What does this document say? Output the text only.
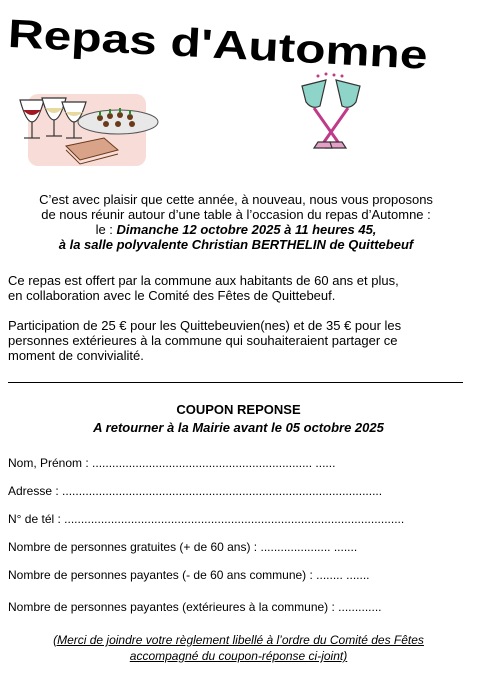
Repas d'Automne
C’est avec plaisir que cette année, à nouveau, nous vous proposons
de nous réunir autour d’une table à l’occasion du repas d’Automne :
le : Dimanche 12 octobre 2025 à 11 heures 45,
à la salle polyvalente Christian BERTHELIN de Quittebeuf
Ce repas est offert par la commune aux habitants de 60 ans et plus,
en collaboration avec le Comité des Fêtes de Quittebeuf.
Participation de 25 € pour les Quittebeuvien(nes) et de 35 € pour les
personnes extérieures à la commune qui souhaiteraient partager ce
moment de convivialité.
COUPON REPONSE
A retourner à la Mairie avant le 05 octobre 2025
Nom, Prénom : .................................................................. ......
Adresse : ................................................................................................
N° de tél : ......................................................................................................
Nombre de personnes gratuites (+ de 60 ans) : ..................... .......
Nombre de personnes payantes (- de 60 ans commune) : ........ .......
Nombre de personnes payantes (extérieures à la commune) : .............
(Merci de joindre votre règlement libellé à l’ordre du Comité des Fêtes
accompagné du coupon-réponse ci-joint)
